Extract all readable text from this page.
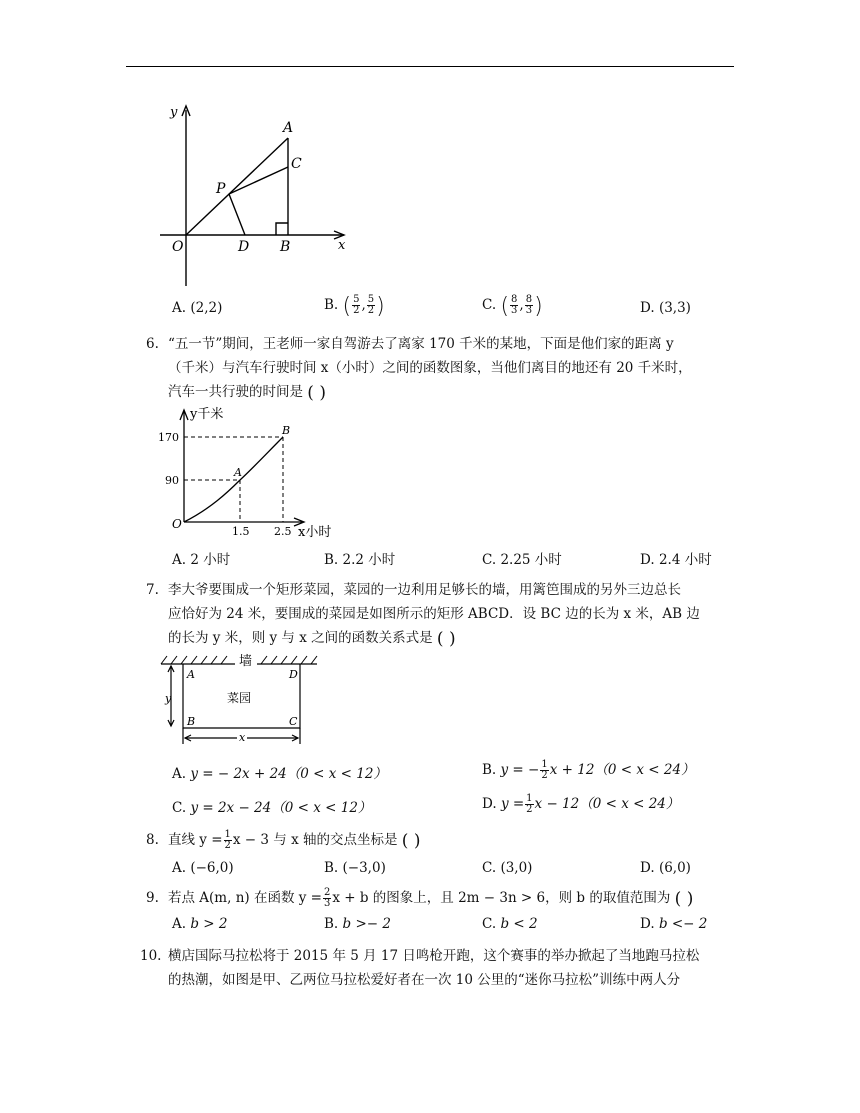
y
x
O
A
C
P
D B
A. (2,2)	B. ( $\frac{5}{2}$ , $\frac{5}{2}$ )	C. ( $\frac{8}{3}$ , $\frac{8}{3}$ )	D. (3,3)
6. “五一节”期间，王老师一家自驾游去了离家 170 千米的某地，下面是他们家的距离 y
（千米）与汽车行驶时间 x（小时）之间的函数图象，当他们离目的地还有 20 千米时，
汽车一共行驶的时间是 ( )
y千米
x小时
O
170
90
1.5 2.5
A
B
A. 2 小时	B. 2.2 小时	C. 2.25 小时	D. 2.4 小时
7. 李大爷要围成一个矩形菜园，菜园的一边利用足够长的墙，用篱笆围成的另外三边总长
应恰好为 24 米，要围成的菜园是如图所示的矩形 ABCD．设 BC 边的长为 x 米，AB 边
的长为 y 米，则 y 与 x 之间的函数关系式是 ( )
墙
菜园
A	D
B	C
y
x
A. y = − 2x + 24（0 < x < 12）	B. y = − $\frac{1}{2}$ x + 12（0 < x < 24）
C. y = 2x − 24（0 < x < 12）	D. $y = \frac{1}{2}$ x − 12（0 < x < 24）
8. 直线 $y = \frac{1}{2}$ x − 3 与 x 轴的交点坐标是 ( )
A. (−6,0)	B. (−3,0)	C. (3,0)	D. (6,0)
9. 若点 A(m, n) 在函数 $y = \frac{2}{3}$ x + b 的图象上，且 2m − 3n > 6，则 b 的取值范围为 ( )
A. b > 2	B. b >− 2	C. b < 2	D. b <− 2
10. 横店国际马拉松将于 2015 年 5 月 17 日鸣枪开跑，这个赛事的举办掀起了当地跑马拉松
的热潮，如图是甲、乙两位马拉松爱好者在一次 10 公里的“迷你马拉松”训练中两人分
